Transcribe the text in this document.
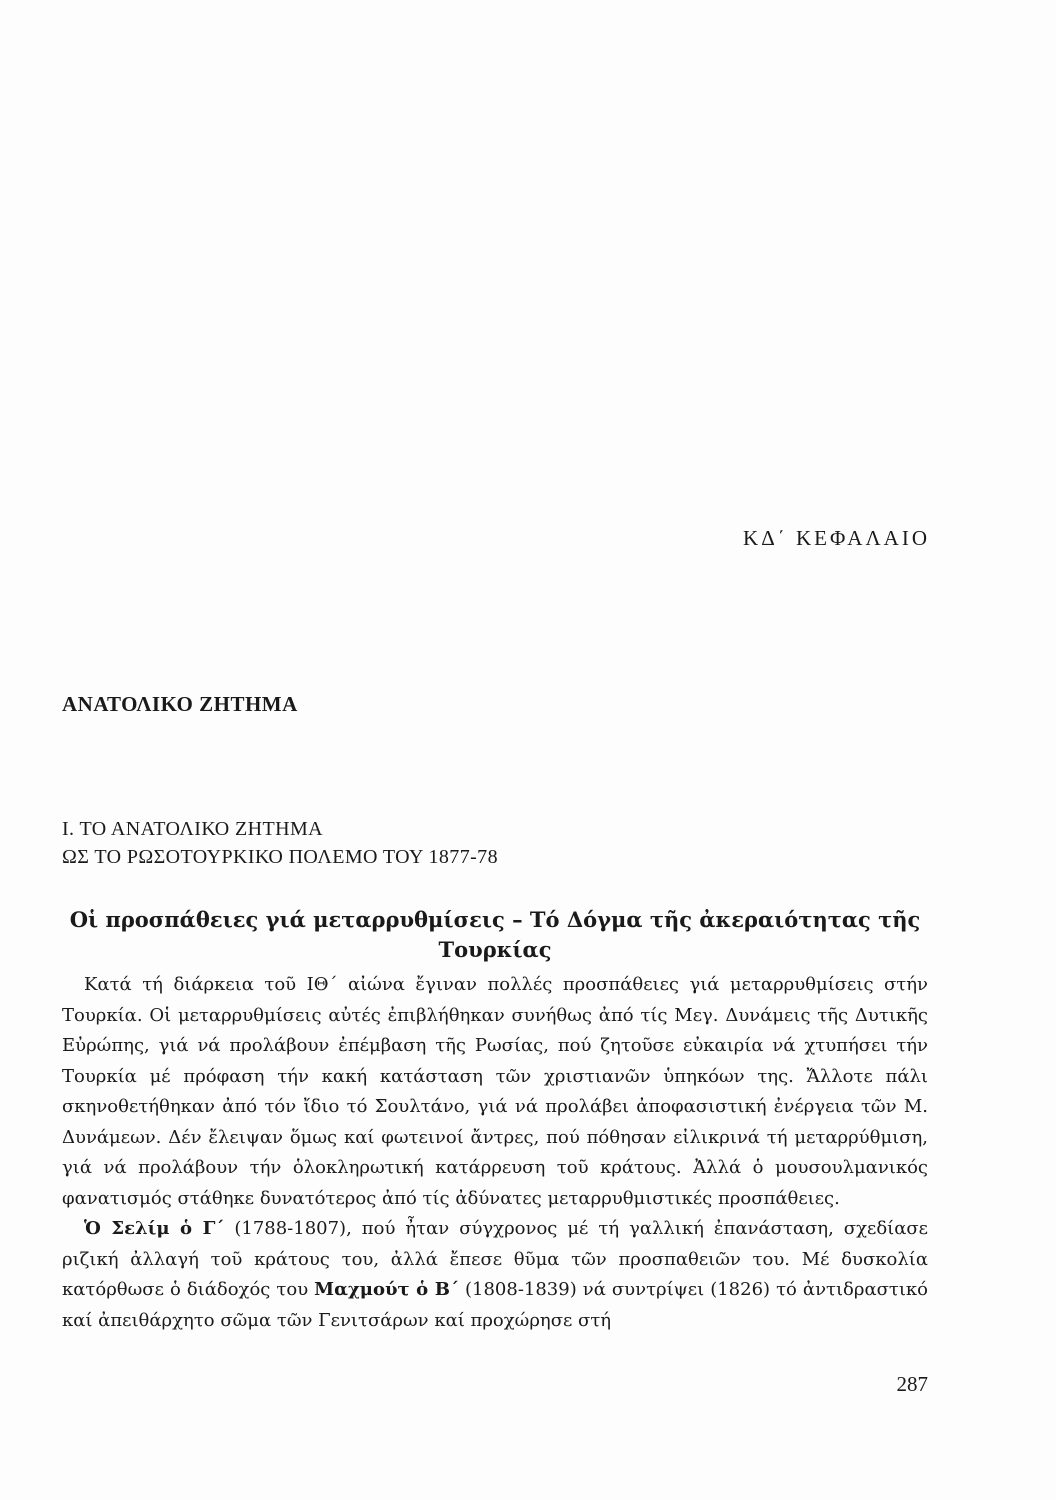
ΚΔ΄ ΚΕΦΑΛΑΙΟ
ΑΝΑΤΟΛΙΚΟ ΖΗΤΗΜΑ
Ι. ΤΟ ΑΝΑΤΟΛΙΚΟ ΖΗΤΗΜΑ
ΩΣ ΤΟ ΡΩΣΟΤΟΥΡΚΙΚΟ ΠΟΛΕΜΟ ΤΟΥ 1877-78
Οἱ προσπάθειες γιά μεταρρυθμίσεις – Τό Δόγμα τῆς ἀκεραιότητας τῆς Τουρκίας

Κατά τή διάρκεια τοῦ ΙΘ΄ αἰώνα ἔγιναν πολλές προσπάθειες γιά μεταρρυθμίσεις στήν Τουρκία. Οἱ μεταρρυθμίσεις αὐτές ἐπιβλήθηκαν συνήθως ἀπό τίς Μεγ. Δυνάμεις τῆς Δυτικῆς Εὐρώπης, γιά νά προλάβουν ἐπέμβαση τῆς Ρωσίας, πού ζητοῦσε εὐκαιρία νά χτυπήσει τήν Τουρκία μέ πρόφαση τήν κακή κατάσταση τῶν χριστιανῶν ὑπηκόων της. Ἄλλοτε πάλι σκηνοθετήθηκαν ἀπό τόν ἴδιο τό Σουλτάνο, γιά νά προλάβει ἀποφασιστική ἐνέργεια τῶν Μ. Δυνάμεων. Δέν ἔλειψαν ὅμως καί φωτεινοί ἄντρες, πού πόθησαν εἰλικρινά τή μεταρρύθμιση, γιά νά προλάβουν τήν ὁλοκληρωτική κατάρρευση τοῦ κράτους. Ἀλλά ὁ μουσουλμανικός φανατισμός στάθηκε δυνατότερος ἀπό τίς ἀδύνατες μεταρρυθμιστικές προσπάθειες.

Ὁ Σελίμ ὁ Γ΄ (1788-1807), πού ἦταν σύγχρονος μέ τή γαλλική ἐπανάσταση, σχεδίασε ριζική ἀλλαγή τοῦ κράτους του, ἀλλά ἔπεσε θῦμα τῶν προσπαθειῶν του. Μέ δυσκολία κατόρθωσε ὁ διάδοχός του Μαχμούτ ὁ Β΄ (1808-1839) νά συντρίψει (1826) τό ἀντιδραστικό καί ἀπειθάρχητο σῶμα τῶν Γενιτσάρων καί προχώρησε στή

287
